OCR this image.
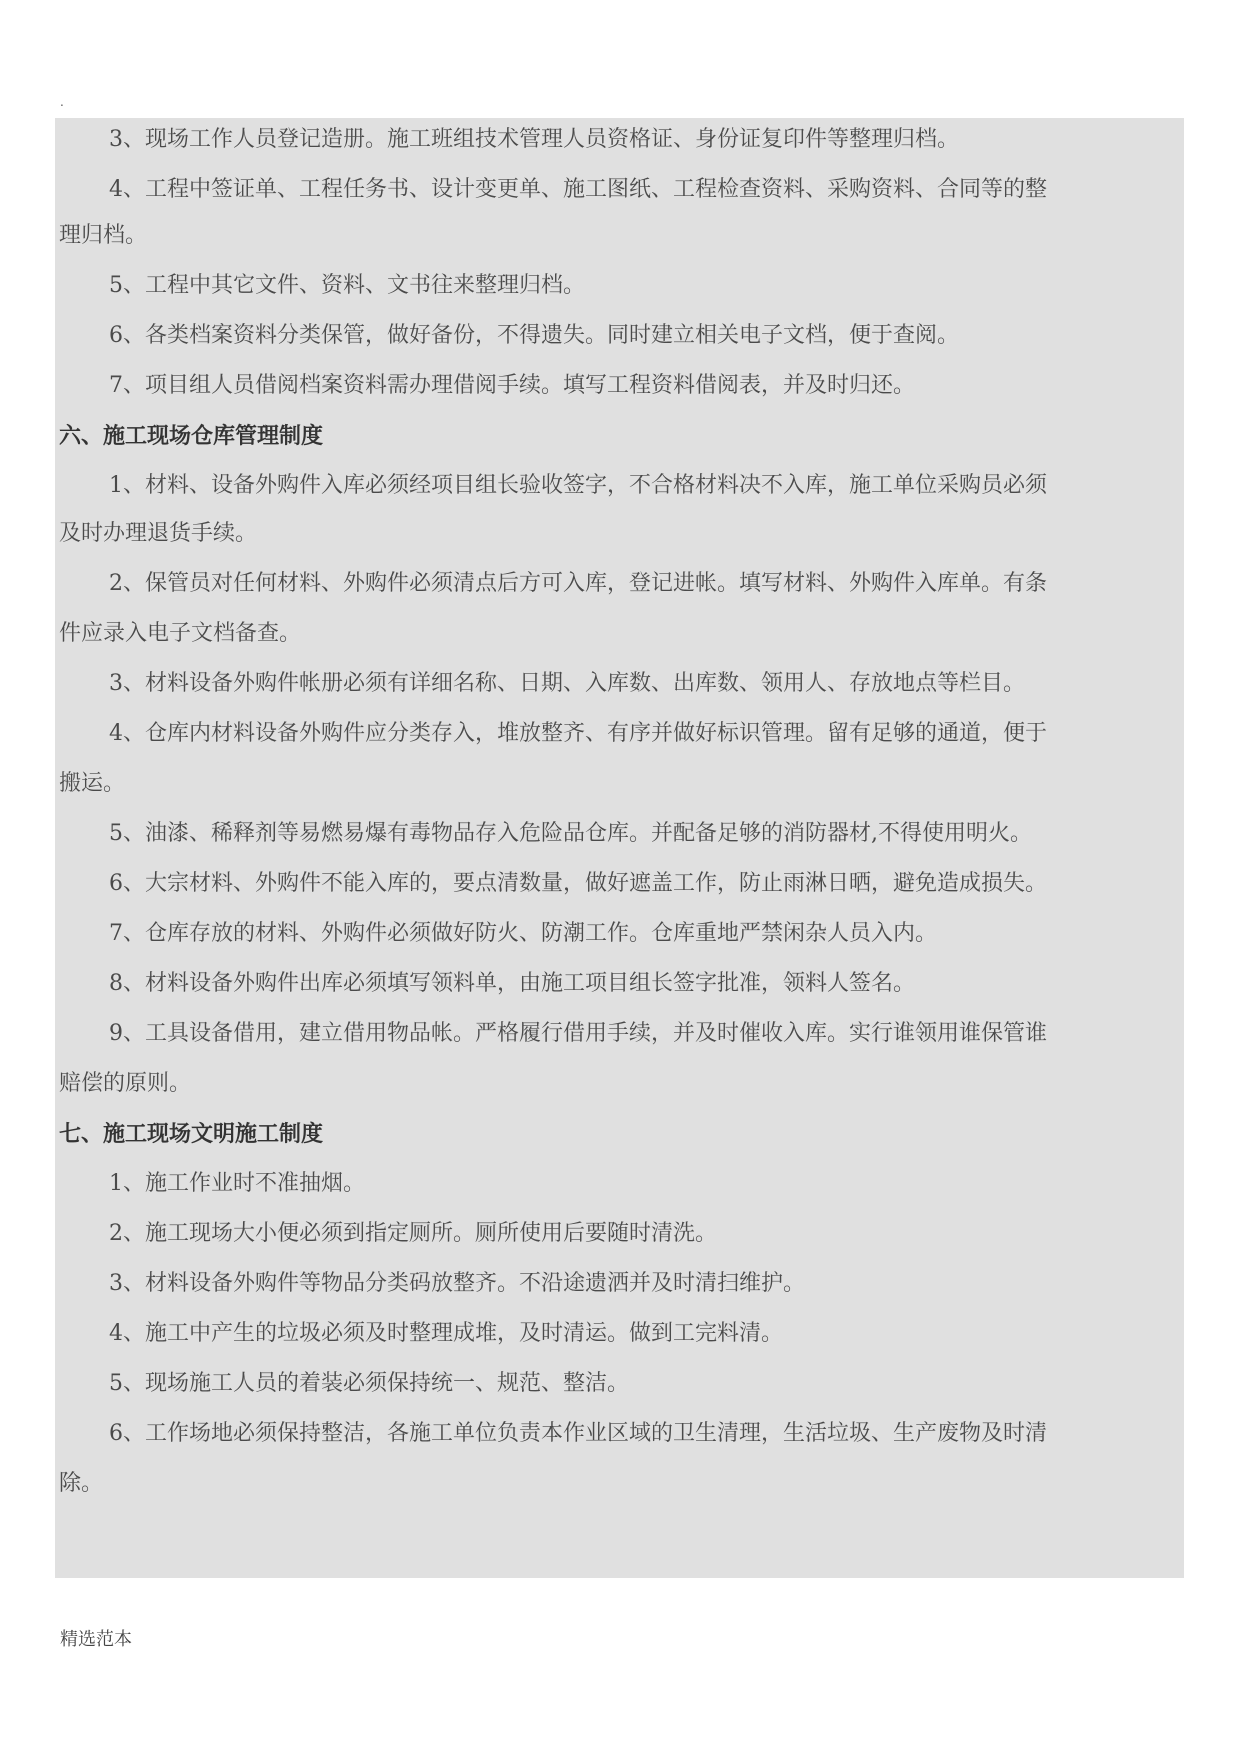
.
3、现场工作人员登记造册。施工班组技术管理人员资格证、身份证复印件等整理归档。
4、工程中签证单、工程任务书、设计变更单、施工图纸、工程检查资料、采购资料、合同等的整
理归档。
5、工程中其它文件、资料、文书往来整理归档。
6、各类档案资料分类保管，做好备份，不得遗失。同时建立相关电子文档，便于查阅。
7、项目组人员借阅档案资料需办理借阅手续。填写工程资料借阅表，并及时归还。
六、施工现场仓库管理制度
1、材料、设备外购件入库必须经项目组长验收签字，不合格材料决不入库，施工单位采购员必须
及时办理退货手续。
2、保管员对任何材料、外购件必须清点后方可入库，登记进帐。填写材料、外购件入库单。有条
件应录入电子文档备查。
3、材料设备外购件帐册必须有详细名称、日期、入库数、出库数、领用人、存放地点等栏目。
4、仓库内材料设备外购件应分类存入，堆放整齐、有序并做好标识管理。留有足够的通道，便于
搬运。
5、油漆、稀释剂等易燃易爆有毒物品存入危险品仓库。并配备足够的消防器材,不得使用明火。
6、大宗材料、外购件不能入库的，要点清数量，做好遮盖工作，防止雨淋日晒，避免造成损失。
7、仓库存放的材料、外购件必须做好防火、防潮工作。仓库重地严禁闲杂人员入内。
8、材料设备外购件出库必须填写领料单，由施工项目组长签字批准，领料人签名。
9、工具设备借用，建立借用物品帐。严格履行借用手续，并及时催收入库。实行谁领用谁保管谁
赔偿的原则。
七、施工现场文明施工制度
1、施工作业时不准抽烟。
2、施工现场大小便必须到指定厕所。厕所使用后要随时清洗。
3、材料设备外购件等物品分类码放整齐。不沿途遗洒并及时清扫维护。
4、施工中产生的垃圾必须及时整理成堆，及时清运。做到工完料清。
5、现场施工人员的着装必须保持统一、规范、整洁。
6、工作场地必须保持整洁，各施工单位负责本作业区域的卫生清理，生活垃圾、生产废物及时清
除。
精选范本
